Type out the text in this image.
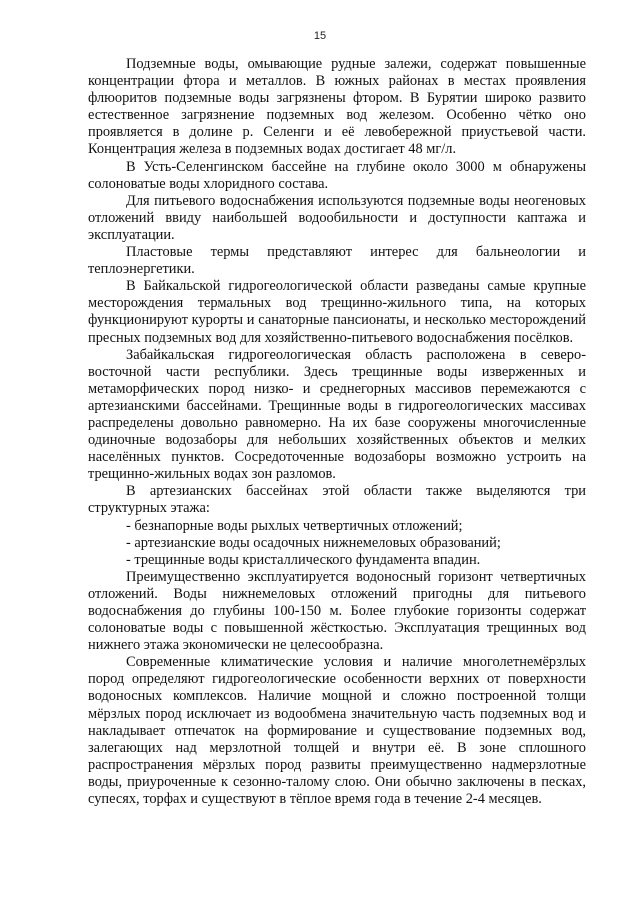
15

Подземные воды, омывающие рудные залежи, содержат повышенные концентрации фтора и металлов. В южных районах в местах проявления флюоритов подземные воды загрязнены фтором. В Бурятии широко развито естественное загрязнение подземных вод железом. Особенно чётко оно проявляется в долине р. Селенги и её левобережной приустьевой части. Концентрация железа в подземных водах достигает 48 мг/л.

В Усть-Селенгинском бассейне на глубине около 3000 м обнаружены солоноватые воды хлоридного состава.

Для питьевого водоснабжения используются подземные воды неогеновых отложений ввиду наибольшей водообильности и доступности каптажа и эксплуатации.

Пластовые термы представляют интерес для бальнеологии и теплоэнергетики.

В Байкальской гидрогеологической области разведаны самые крупные месторождения термальных вод трещинно-жильного типа, на которых функционируют курорты и санаторные пансионаты, и несколько месторождений пресных подземных вод для хозяйственно-питьевого водоснабжения посёлков.

Забайкальская гидрогеологическая область расположена в северо-восточной части республики. Здесь трещинные воды изверженных и метаморфических пород низко- и среднегорных массивов перемежаются с артезианскими бассейнами. Трещинные воды в гидрогеологических массивах распределены довольно равномерно. На их базе сооружены многочисленные одиночные водозаборы для небольших хозяйственных объектов и мелких населённых пунктов. Сосредоточенные водозаборы возможно устроить на трещинно-жильных водах зон разломов.

В артезианских бассейнах этой области также выделяются три структурных этажа:

- безнапорные воды рыхлых четвертичных отложений;

- артезианские воды осадочных нижнемеловых образований;

- трещинные воды кристаллического фундамента впадин.

Преимущественно эксплуатируется водоносный горизонт четвертичных отложений. Воды нижнемеловых отложений пригодны для питьевого водоснабжения до глубины 100-150 м. Более глубокие горизонты содержат солоноватые воды с повышенной жёсткостью. Эксплуатация трещинных вод нижнего этажа экономически не целесообразна.

Современные климатические условия и наличие многолетнемёрзлых пород определяют гидрогеологические особенности верхних от поверхности водоносных комплексов. Наличие мощной и сложно построенной толщи мёрзлых пород исключает из водообмена значительную часть подземных вод и накладывает отпечаток на формирование и существование подземных вод, залегающих над мерзлотной толщей и внутри её. В зоне сплошного распространения мёрзлых пород развиты преимущественно надмерзлотные воды, приуроченные к сезонно-талому слою. Они обычно заключены в песках, супесях, торфах и существуют в тёплое время года в течение 2-4 месяцев.
